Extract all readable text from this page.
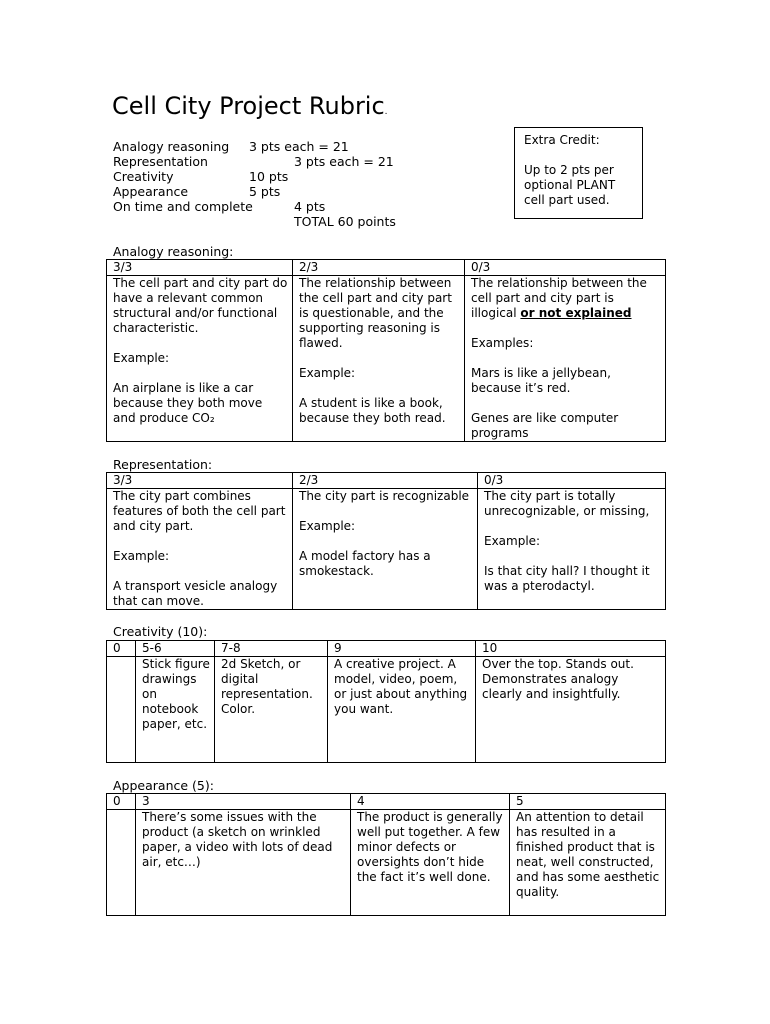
Cell City Project Rubric.
Analogy reasoning 3 pts each = 21
Representation	3 pts each = 21
Creativity	10 pts
Appearance	5 pts
On time and complete	4 pts
TOTAL 60 points

Extra Credit:

Up to 2 pts per optional PLANT cell part used.

Analogy reasoning:
3/3	2/3	0/3
The cell part and city part do have a relevant common structural and/or functional characteristic.

Example:

An airplane is like a car because they both move and produce CO₂	The relationship between the cell part and city part is questionable, and the supporting reasoning is flawed.

Example:

A student is like a book, because they both read.	The relationship between the cell part and city part is illogical or not explained

Examples:

Mars is like a jellybean, because it’s red.

Genes are like computer programs
Representation:
3/3	2/3	0/3
The city part combines features of both the cell part and city part.

Example:

A transport vesicle analogy that can move.	The city part is recognizable

Example:

A model factory has a smokestack.	The city part is totally unrecognizable, or missing,

Example:

Is that city hall? I thought it was a pterodactyl.
Creativity (10):
0	5-6	7-8	9	10
	Stick figure drawings on notebook paper, etc.	2d Sketch, or digital representation. Color.	A creative project. A model, video, poem, or just about anything you want.	Over the top. Stands out. Demonstrates analogy clearly and insightfully.
Appearance (5):
0	3	4	5
	There’s some issues with the product (a sketch on wrinkled paper, a video with lots of dead air, etc…)	The product is generally well put together. A few minor defects or oversights don’t hide the fact it’s well done.	An attention to detail has resulted in a finished product that is neat, well constructed, and has some aesthetic quality.
